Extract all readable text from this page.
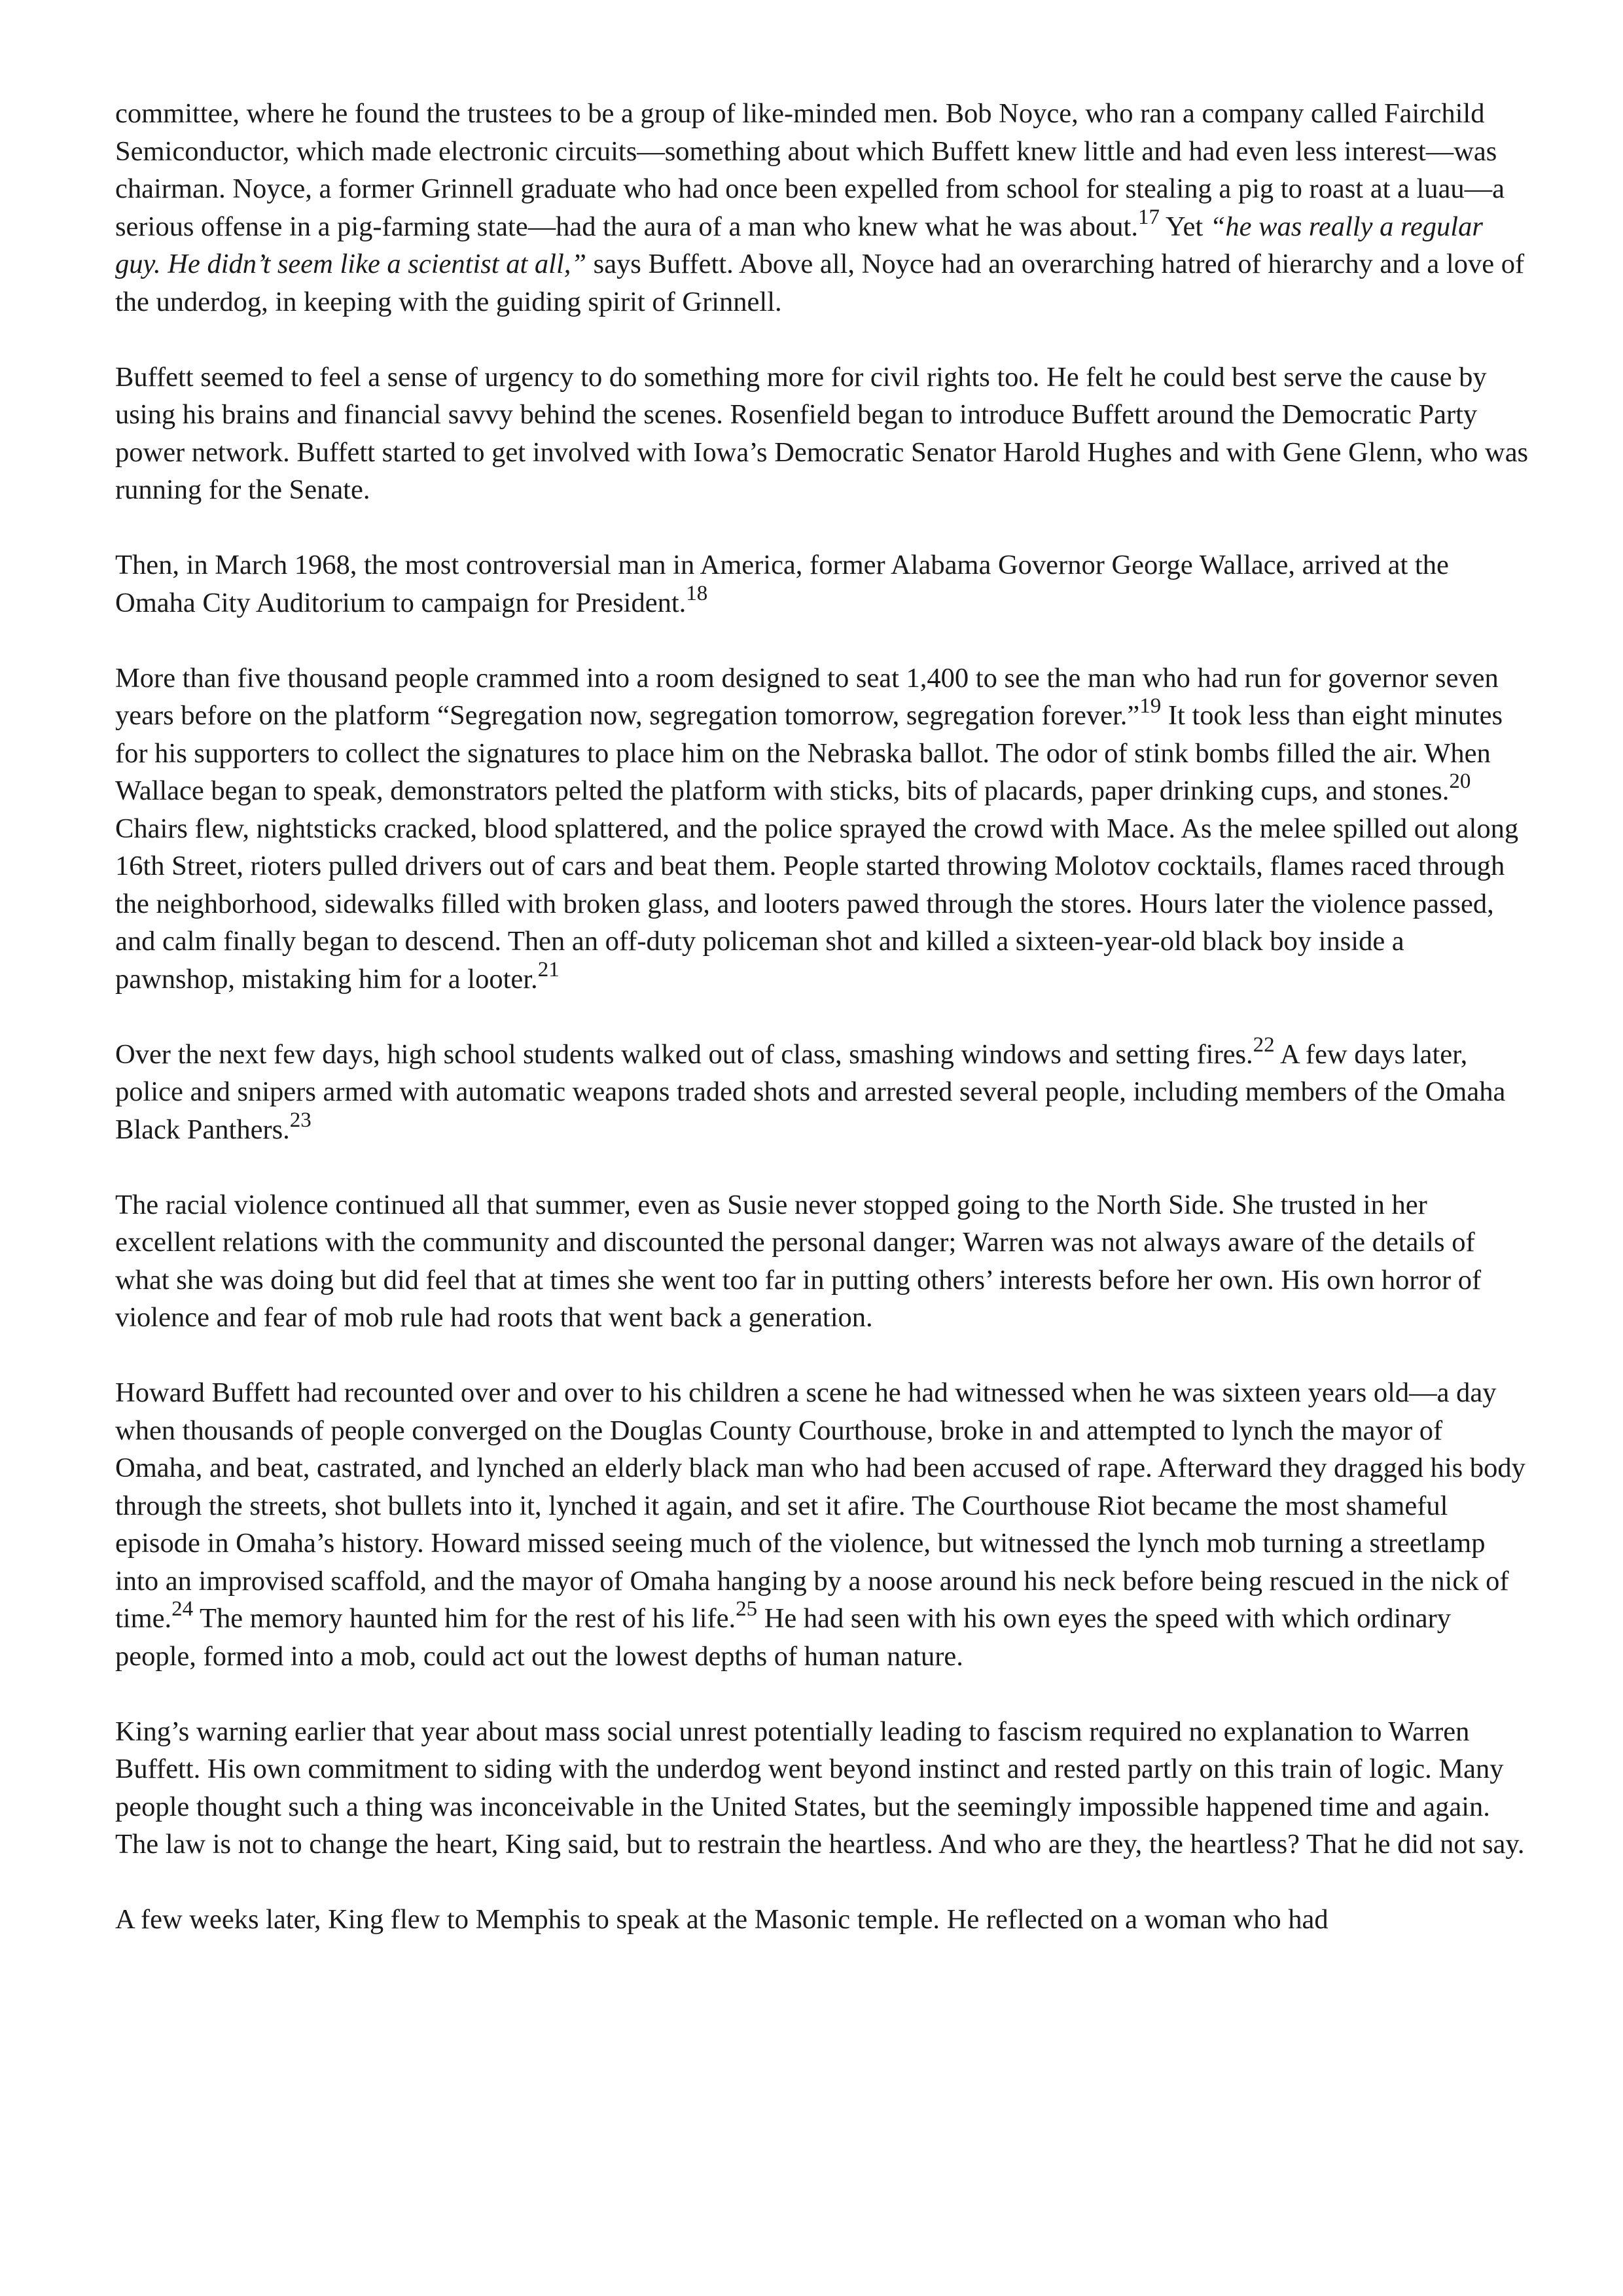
committee, where he found the trustees to be a group of like-minded men. Bob Noyce, who ran a company called Fairchild Semiconductor, which made electronic circuits—something about which Buffett knew little and had even less interest—was chairman. Noyce, a former Grinnell graduate who had once been expelled from school for stealing a pig to roast at a luau—a serious offense in a pig-farming state—had the aura of a man who knew what he was about.$^{17}$ Yet “he was really a regular guy. He didn’t seem like a scientist at all,” says Buffett. Above all, Noyce had an overarching hatred of hierarchy and a love of the underdog, in keeping with the guiding spirit of Grinnell.

Buffett seemed to feel a sense of urgency to do something more for civil rights too. He felt he could best serve the cause by using his brains and financial savvy behind the scenes. Rosenfield began to introduce Buffett around the Democratic Party power network. Buffett started to get involved with Iowa’s Democratic Senator Harold Hughes and with Gene Glenn, who was running for the Senate.

Then, in March 1968, the most controversial man in America, former Alabama Governor George Wallace, arrived at the Omaha City Auditorium to campaign for President.$^{18}$

More than five thousand people crammed into a room designed to seat 1,400 to see the man who had run for governor seven years before on the platform “Segregation now, segregation tomorrow, segregation forever.”$^{19}$ It took less than eight minutes for his supporters to collect the signatures to place him on the Nebraska ballot. The odor of stink bombs filled the air. When Wallace began to speak, demonstrators pelted the platform with sticks, bits of placards, paper drinking cups, and stones.$^{20}$ Chairs flew, nightsticks cracked, blood splattered, and the police sprayed the crowd with Mace. As the melee spilled out along 16th Street, rioters pulled drivers out of cars and beat them. People started throwing Molotov cocktails, flames raced through the neighborhood, sidewalks filled with broken glass, and looters pawed through the stores. Hours later the violence passed, and calm finally began to descend. Then an off-duty policeman shot and killed a sixteen-year-old black boy inside a pawnshop, mistaking him for a looter.$^{21}$

Over the next few days, high school students walked out of class, smashing windows and setting fires.$^{22}$ A few days later, police and snipers armed with automatic weapons traded shots and arrested several people, including members of the Omaha Black Panthers.$^{23}$

The racial violence continued all that summer, even as Susie never stopped going to the North Side. She trusted in her excellent relations with the community and discounted the personal danger; Warren was not always aware of the details of what she was doing but did feel that at times she went too far in putting others’ interests before her own. His own horror of violence and fear of mob rule had roots that went back a generation.

Howard Buffett had recounted over and over to his children a scene he had witnessed when he was sixteen years old—a day when thousands of people converged on the Douglas County Courthouse, broke in and attempted to lynch the mayor of Omaha, and beat, castrated, and lynched an elderly black man who had been accused of rape. Afterward they dragged his body through the streets, shot bullets into it, lynched it again, and set it afire. The Courthouse Riot became the most shameful episode in Omaha’s history. Howard missed seeing much of the violence, but witnessed the lynch mob turning a streetlamp into an improvised scaffold, and the mayor of Omaha hanging by a noose around his neck before being rescued in the nick of time.$^{24}$ The memory haunted him for the rest of his life.$^{25}$ He had seen with his own eyes the speed with which ordinary people, formed into a mob, could act out the lowest depths of human nature.

King’s warning earlier that year about mass social unrest potentially leading to fascism required no explanation to Warren Buffett. His own commitment to siding with the underdog went beyond instinct and rested partly on this train of logic. Many people thought such a thing was inconceivable in the United States, but the seemingly impossible happened time and again. The law is not to change the heart, King said, but to restrain the heartless. And who are they, the heartless? That he did not say.

A few weeks later, King flew to Memphis to speak at the Masonic temple. He reflected on a woman who had
